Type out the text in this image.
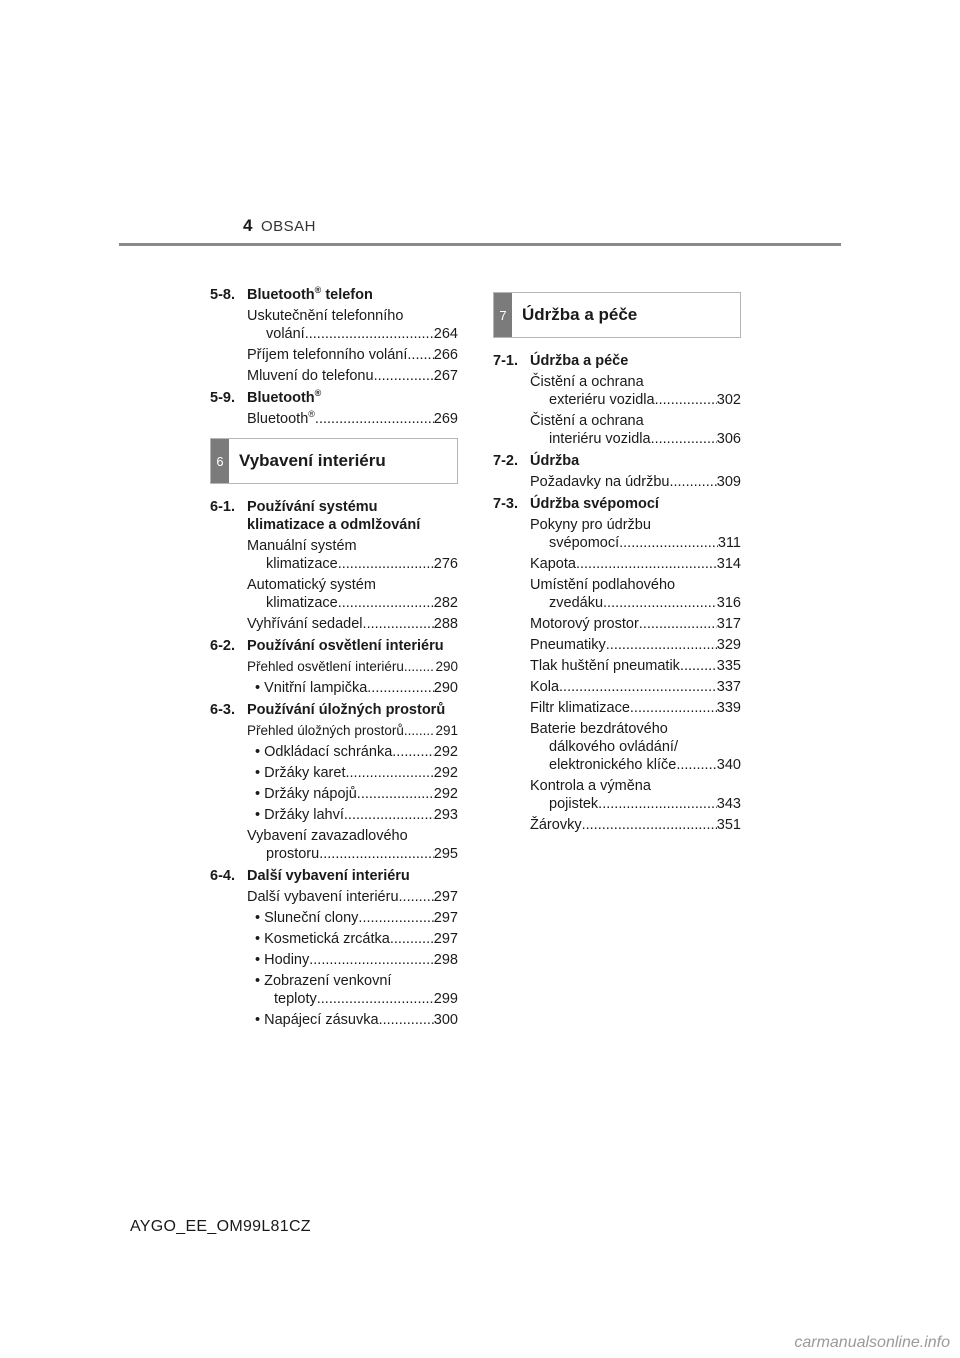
4 OBSAH
5-8. Bluetooth® telefon
Uskutečnění telefonního
volání .....	264
Příjem telefonního volání ..... 266
Mluvení do telefonu .....	267
5-9. Bluetooth®
Bluetooth® .....	269
6 Vybavení interiéru
6-1. Používání systému klimatizace a odmlžování
Manuální systém
klimatizace .....	276
Automatický systém
klimatizace .....	282
Vyhřívání sedadel .....	288
6-2. Používání osvětlení interiéru
Přehled osvětlení interiéru ..... 290
• Vnitřní lampička .....	290
6-3. Používání úložných prostorů
Přehled úložných prostorů ..... 291
• Odkládací schránka .....	292
• Držáky karet .....	292
• Držáky nápojů .....	292
• Držáky lahví .....	293
Vybavení zavazadlového
prostoru .....	295
6-4. Další vybavení interiéru
Další vybavení interiéru ..... 297
• Sluneční clony .....	297
• Kosmetická zrcátka .....	297
• Hodiny .....	298
• Zobrazení venkovní
teploty .....	299
• Napájecí zásuvka .....	300
7 Údržba a péče
7-1. Údržba a péče
Čistění a ochrana
exteriéru vozidla .....	302
Čistění a ochrana
interiéru vozidla .....	306
7-2. Údržba
Požadavky na údržbu .....	309
7-3. Údržba svépomocí
Pokyny pro údržbu
svépomocí .....	311
Kapota .....	314
Umístění podlahového
zvedáku .....	316
Motorový prostor .....	317
Pneumatiky .....	329
Tlak huštění pneumatik .....	335
Kola .....	337
Filtr klimatizace .....	339
Baterie bezdrátového
dálkového ovládání/
elektronického klíče .....	340
Kontrola a výměna
pojistek .....	343
Žárovky .....	351
AYGO_EE_OM99L81CZ
carmanualsonline.info
